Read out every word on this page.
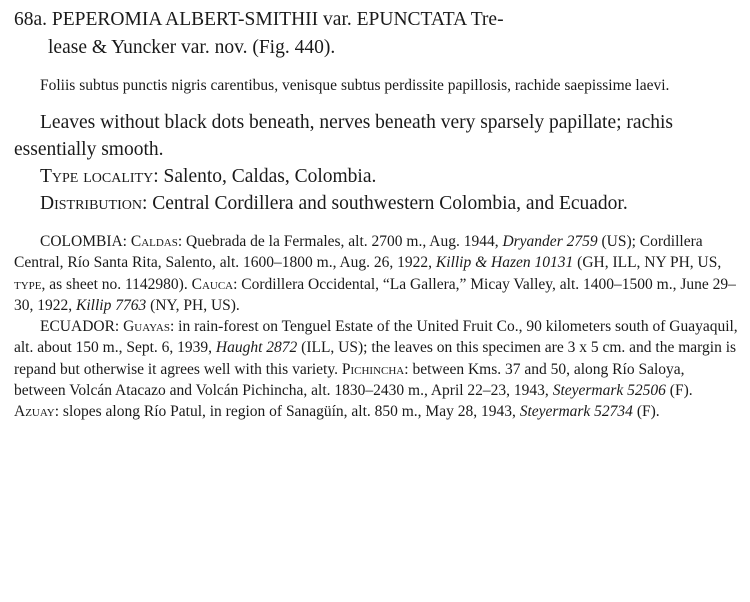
68a. PEPEROMIA ALBERT-SMITHII var. EPUNCTATA Tre-
lease & Yuncker var. nov. (Fig. 440).

Foliis subtus punctis nigris carentibus, venisque subtus perdissite papillosis, rachide saepissime laevi.

Leaves without black dots beneath, nerves beneath very sparsely papillate; rachis essentially smooth.

Type locality: Salento, Caldas, Colombia.

Distribution: Central Cordillera and southwestern Colombia, and Ecuador.

COLOMBIA: Caldas: Quebrada de la Fermales, alt. 2700 m., Aug. 1944, Dryander 2759 (US); Cordillera Central, Río Santa Rita, Salento, alt. 1600–1800 m., Aug. 26, 1922, Killip & Hazen 10131 (GH, ILL, NY PH, US, type, as sheet no. 1142980). Cauca: Cordillera Occidental, “La Gallera,” Micay Valley, alt. 1400–1500 m., June 29–30, 1922, Killip 7763 (NY, PH, US).

ECUADOR: Guayas: in rain-forest on Tenguel Estate of the United Fruit Co., 90 kilometers south of Guayaquil, alt. about 150 m., Sept. 6, 1939, Haught 2872 (ILL, US); the leaves on this specimen are 3 x 5 cm. and the margin is repand but otherwise it agrees well with this variety. Pichincha: between Kms. 37 and 50, along Río Saloya, between Volcán Atacazo and Volcán Pichincha, alt. 1830–2430 m., April 22–23, 1943, Steyermark 52506 (F). Azuay: slopes along Río Patul, in region of Sanagüín, alt. 850 m., May 28, 1943, Steyermark 52734 (F).
